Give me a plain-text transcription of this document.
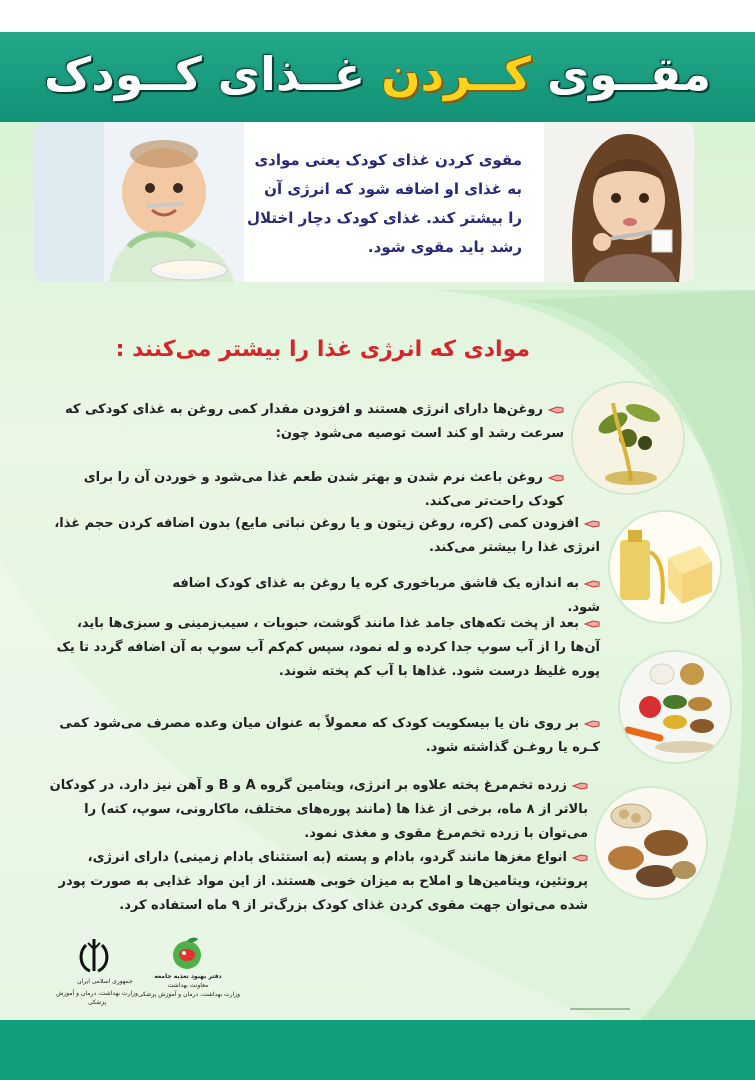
مقــوی کــردن غــذای کــودک
مقوی کردن غذای کودک یعنی مواد‌ی به غذای او اضافه شود که انرژی آن را بیشتر کند. غذای کودک دچار اختلال رشد باید مقوی شود.
موادی که انرژی غذا را بیشتر می‌کنند :
روغن‌ها دارای انرژی هستند و افزودن مقدار کمی روغن به غذای کودکی که سرعت رشد او کند است توصیه می‌شود چون:
روغن باعث نرم شدن و بهتر شدن طعم غذا می‌شود و خوردن آن را برای کودک راحت‌تر می‌کند.
افزودن کمی (کره، روغن زیتون و یا روغن نباتی مایع) بدون اضافه کردن حجم غذا، انرژی غذا را بیشتر می‌کند.
به اندازه یک قاشق مرباخوری کره یا روغن به غذای کودک اضافه شود.
بعد از پخت تکه‌های جامد غذا مانند گوشت، حبوبات ، سیب‌زمینی و سبزی‌ها باید، آن‌ها را از آب سوپ جدا کرده و له نمود، سپس کم‌کم آب سوپ به آن اضافه گردد تا یک پوره غلیظ درست شود. غذاها با آب کم پخته شوند.
بر روی نان یا بیسکویت کودک که معمولاً به عنوان میان وعده مصرف می‌شود کمی کـره یا روغـن گذاشته شود.
زرده تخم‌مرغ پخته علاوه بر انرژی، ویتامین گروه A و B و آهن نیز دارد. در کودکان بالاتر از ۸ ماه، برخی از غذا ها (مانند پوره‌های مختلف، ماکارونی، سوپ، کته) را می‌توان با زرده تخم‌مرغ مقوی و مغذی نمود.
انواع مغزها مانند گردو، بادام و پسته (به استثنای بادام زمینی) دارای انرژی، پروتئین، ویتامین‌ها و املاح به میزان خوبی هستند. از این مواد غذایی به صورت پودر شده می‌توان جهت مقوی کردن غذای کودک بزرگ‌تر از ۹ ماه استفاده کرد.
جمهوری اسلامی ایران
وزارت بهداشت، درمان و آموزش پزشکی
دفتر بهبود تغذیه جامعه
معاونت بهداشت
وزارت بهداشت، درمان و آموزش پزشکی
